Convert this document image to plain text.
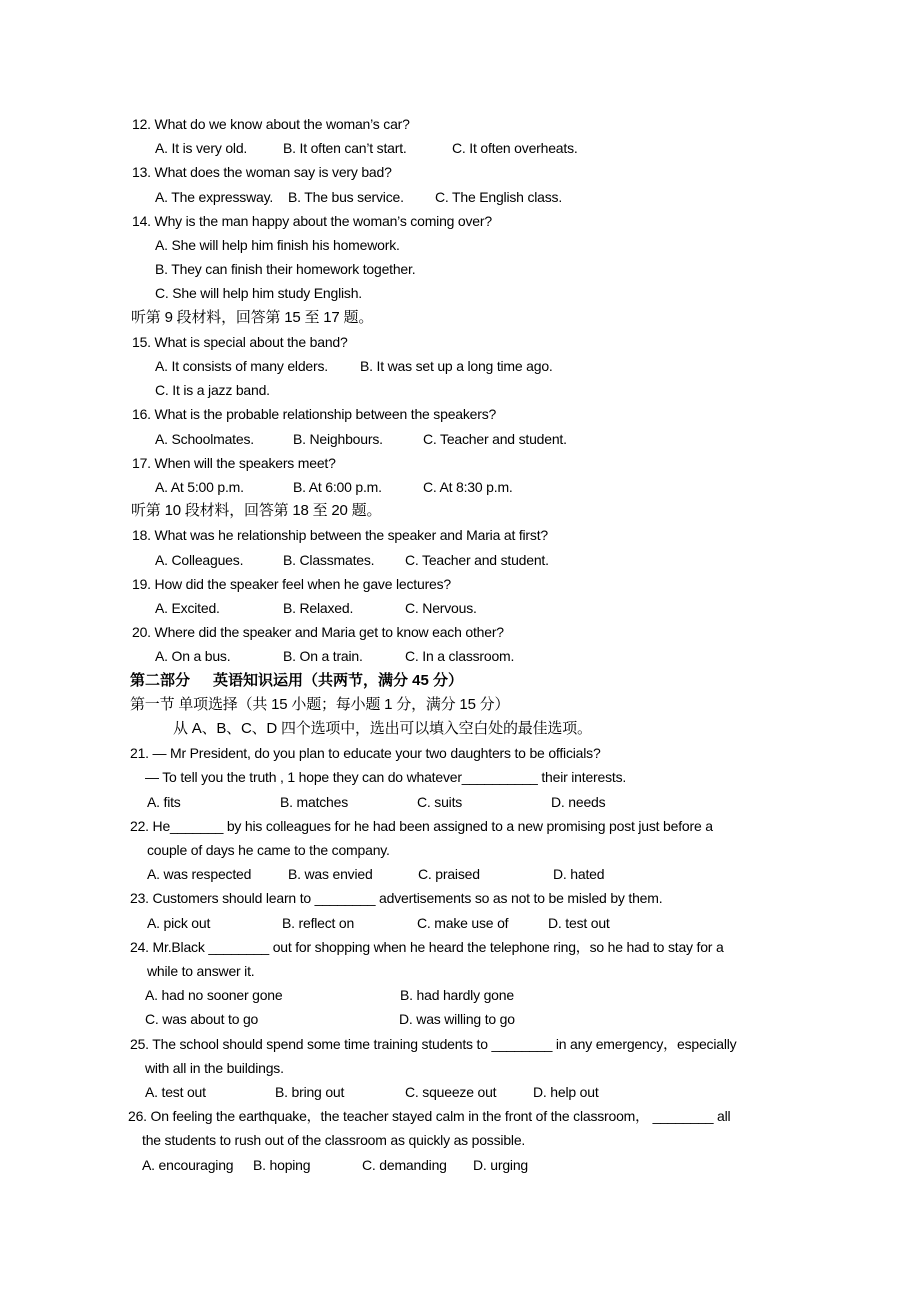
12. What do we know about the woman’s car?
A. It is very old.	B. It often can’t start.	C. It often overheats.
13. What does the woman say is very bad?
A. The expressway. B. The bus service. C. The English class.
14. Why is the man happy about the woman’s coming over?
A. She will help him finish his homework.
B. They can finish their homework together.
C. She will help him study English.
听第 9 段材料，回答第 15 至 17 题。
15. What is special about the band?
A. It consists of many elders. B. It was set up a long time ago.
C. It is a jazz band.
16. What is the probable relationship between the speakers?
A. Schoolmates.	B. Neighbours.	C. Teacher and student.
17. When will the speakers meet?
A. At 5:00 p.m.	B. At 6:00 p.m.	C. At 8:30 p.m.
听第 10 段材料，回答第 18 至 20 题。
18. What was he relationship between the speaker and Maria at first?
A. Colleagues.	B. Classmates. C. Teacher and student.
19. How did the speaker feel when he gave lectures?
A. Excited.	B. Relaxed.	C. Nervous.
20. Where did the speaker and Maria get to know each other?
A. On a bus.	B. On a train.	C. In a classroom.
第二部分 英语知识运用（共两节，满分 45 分）
第一节 单项选择（共 15 小题；每小题 1 分，满分 15 分）
从 A、B、C、D 四个选项中，选出可以填入空白处的最佳选项。
21. — Mr President, do you plan to educate your two daughters to be officials?
— To tell you the truth , 1 hope they can do whatever__________ their interests.
A. fits	B. matches	C. suits	D. needs
22. He_______ by his colleagues for he had been assigned to a new promising post just before a
couple of days he came to the company.
A. was respected	B. was envied	C. praised	D. hated
23. Customers should learn to ________ advertisements so as not to be misled by them.
A. pick out	B. reflect on	C. make use of	D. test out
24. Mr.Black ________ out for shopping when he heard the telephone ring，so he had to stay for a
while to answer it.
A. had no sooner gone	B. had hardly gone
C. was about to go	D. was willing to go
25. The school should spend some time training students to ________ in any emergency，especially
with all in the buildings.
A. test out	B. bring out	C. squeeze out	D. help out
26. On feeling the earthquake，the teacher stayed calm in the front of the classroom， ________ all
the students to rush out of the classroom as quickly as possible.
A. encouraging B. hoping	C. demanding D. urging
